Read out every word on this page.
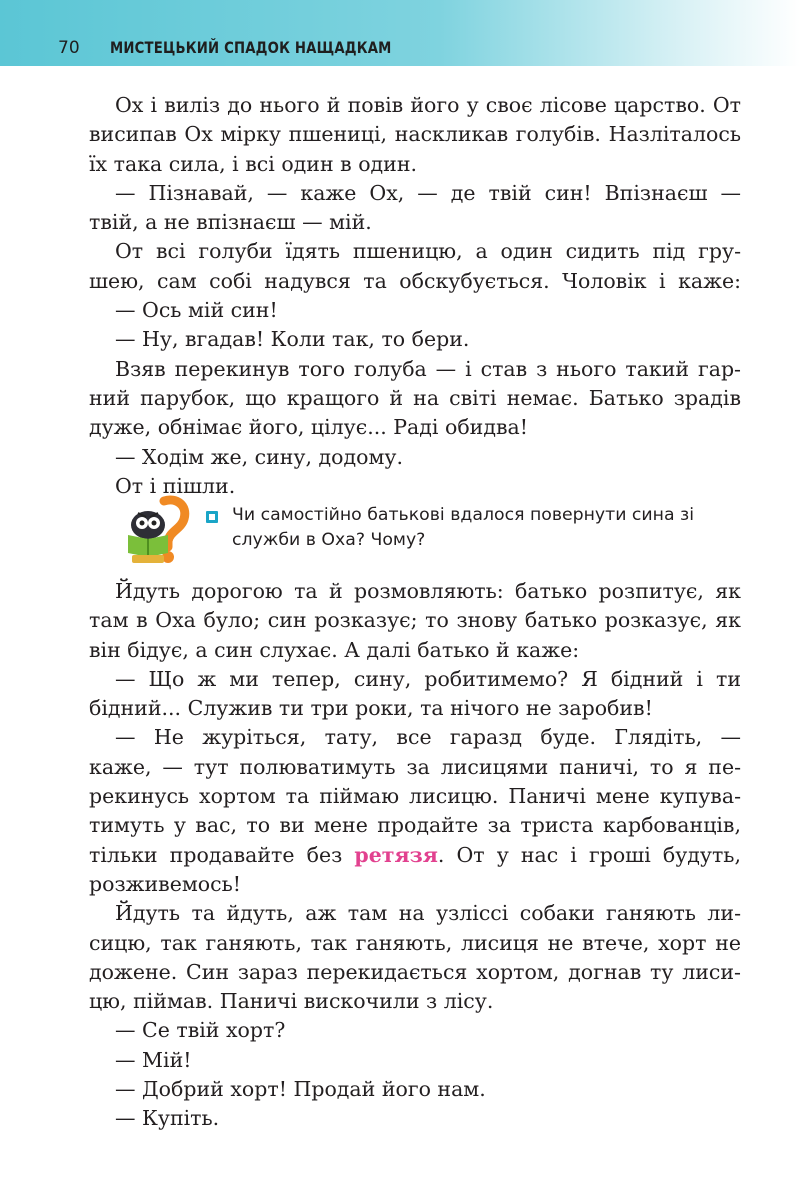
70 МИСТЕЦЬКИЙ СПАДОК НАЩАДКАМ
Ох і виліз до нього й повів його у своє лісове царство. От
висипав Ох мірку пшениці, наскликав голубів. Назліталось
їх така сила, і всі один в один.
— Пізнавай, — каже Ох, — де твій син! Впізнаєш —
твій, а не впізнаєш — мій.
От всі голуби їдять пшеницю, а один сидить під гру-
шею, сам собі надувся та обскубується. Чоловік і каже:
— Ось мій син!
— Ну, вгадав! Коли так, то бери.
Взяв перекинув того голуба — і став з нього такий гар-
ний парубок, що кращого й на світі немає. Батько зрадів
дуже, обнімає його, цілує... Раді обидва!
— Ходім же, сину, додому.
От і пішли.
Чи самостійно батькові вдалося повернути сина зі
служби в Оха? Чому?
Йдуть дорогою та й розмовляють: батько розпитує, як
там в Оха було; син розказує; то знову батько розказує, як
він бідує, а син слухає. А далі батько й каже:
— Що ж ми тепер, сину, робитимемо? Я бідний і ти
бідний... Служив ти три роки, та нічого не заробив!
— Не журіться, тату, все гаразд буде. Глядіть, —
каже, — тут полюватимуть за лисицями паничі, то я пе-
рекинусь хортом та піймаю лисицю. Паничі мене купува-
тимуть у вас, то ви мене продайте за триста карбованців,
тільки продавайте без ретязя. От у нас і гроші будуть,
розживемось!
Йдуть та йдуть, аж там на узліссі собаки ганяють ли-
сицю, так ганяють, так ганяють, лисиця не втече, хорт не
дожене. Син зараз перекидається хортом, догнав ту лиси-
цю, піймав. Паничі вискочили з лісу.
— Се твій хорт?
— Мій!
— Добрий хорт! Продай його нам.
— Купіть.
